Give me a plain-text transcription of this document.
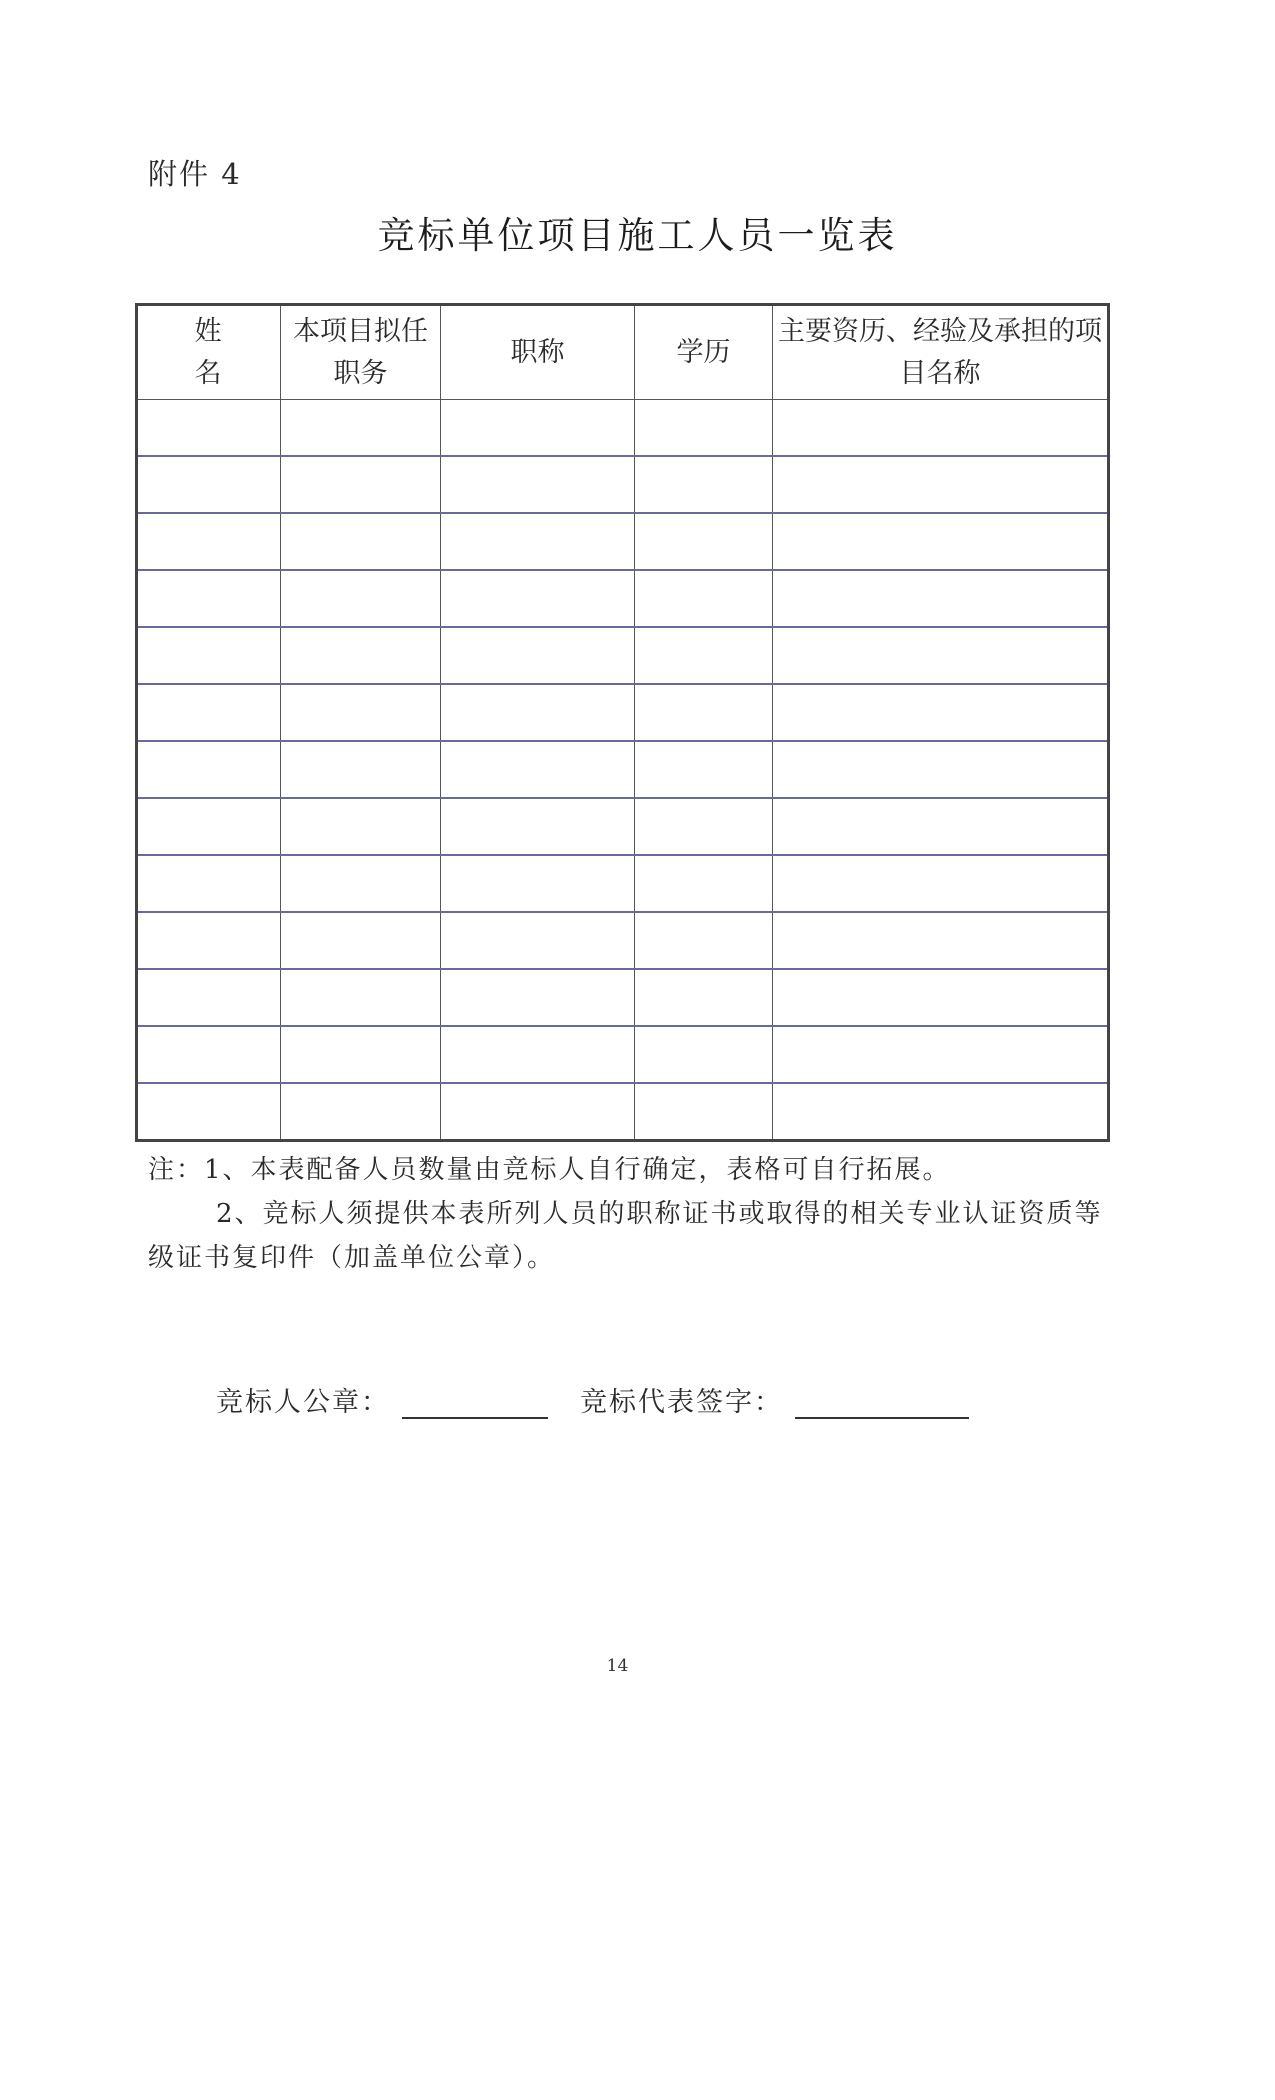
附件 4
竞标单位项目施工人员一览表
姓 名	本项目拟任职务	职称	学历	主要资历、经验及承担的项目名称

注：1、本表配备人员数量由竞标人自行确定，表格可自行拓展。
2、竞标人须提供本表所列人员的职称证书或取得的相关专业认证资质等级证书复印件（加盖单位公章）。
竞标人公章：	竞标代表签字：
14
